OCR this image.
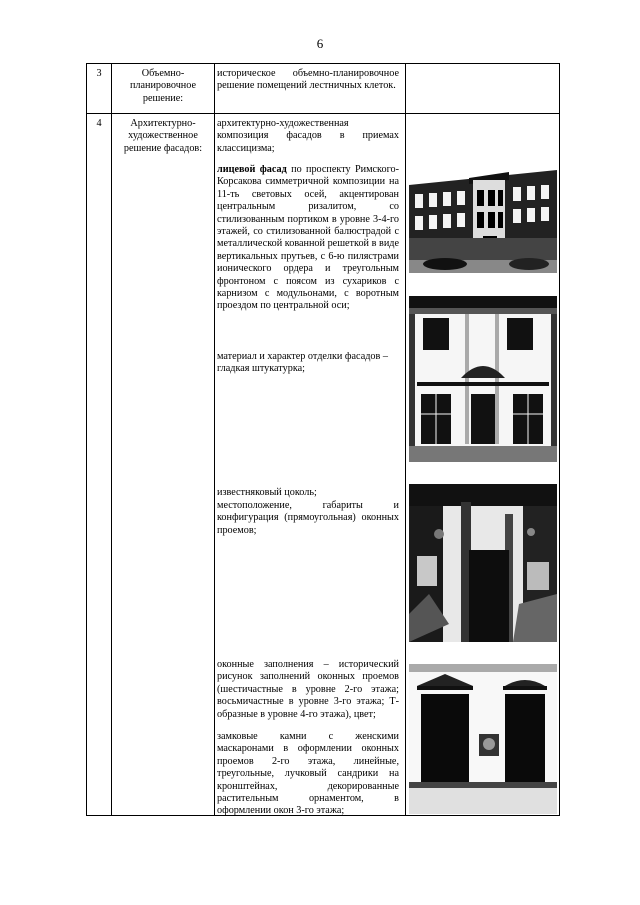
6
3	Объемно-планировочное решение:
историческое объемно-планировочное решение помещений лестничных клеток.
4	Архитектурно-художественное решение фасадов:
архитектурно-художественная композиция фасадов в приемах классицизма;
лицевой фасад по проспекту Римского-Корсакова симметричной композиции на 11-ть световых осей, акцентирован центральным ризалитом, со стилизованным портиком в уровне 3-4-го этажей, со стилизованной балюстрадой с металлической кованной решеткой в виде вертикальных прутьев, с 6-ю пилястрами ионического ордера и треугольным фронтоном с поясом из сухариков с карнизом с модульонами, с воротным проездом по центральной оси;
материал и характер отделки фасадов – гладкая штукатурка;
известняковый цоколь;
местоположение, габариты и конфигурация (прямоугольная) оконных проемов;
оконные заполнения – исторический рисунок заполнений оконных проемов (шестичастные в уровне 2-го этажа; восьмичастные в уровне 3-го этажа; Т-образные в уровне 4-го этажа), цвет;
замковые камни с женскими маскаронами в оформлении оконных проемов 2-го этажа, линейные, треугольные, лучковый сандрики на кронштейнах, декорированные растительным орнаментом, в оформлении окон 3-го этажа;
